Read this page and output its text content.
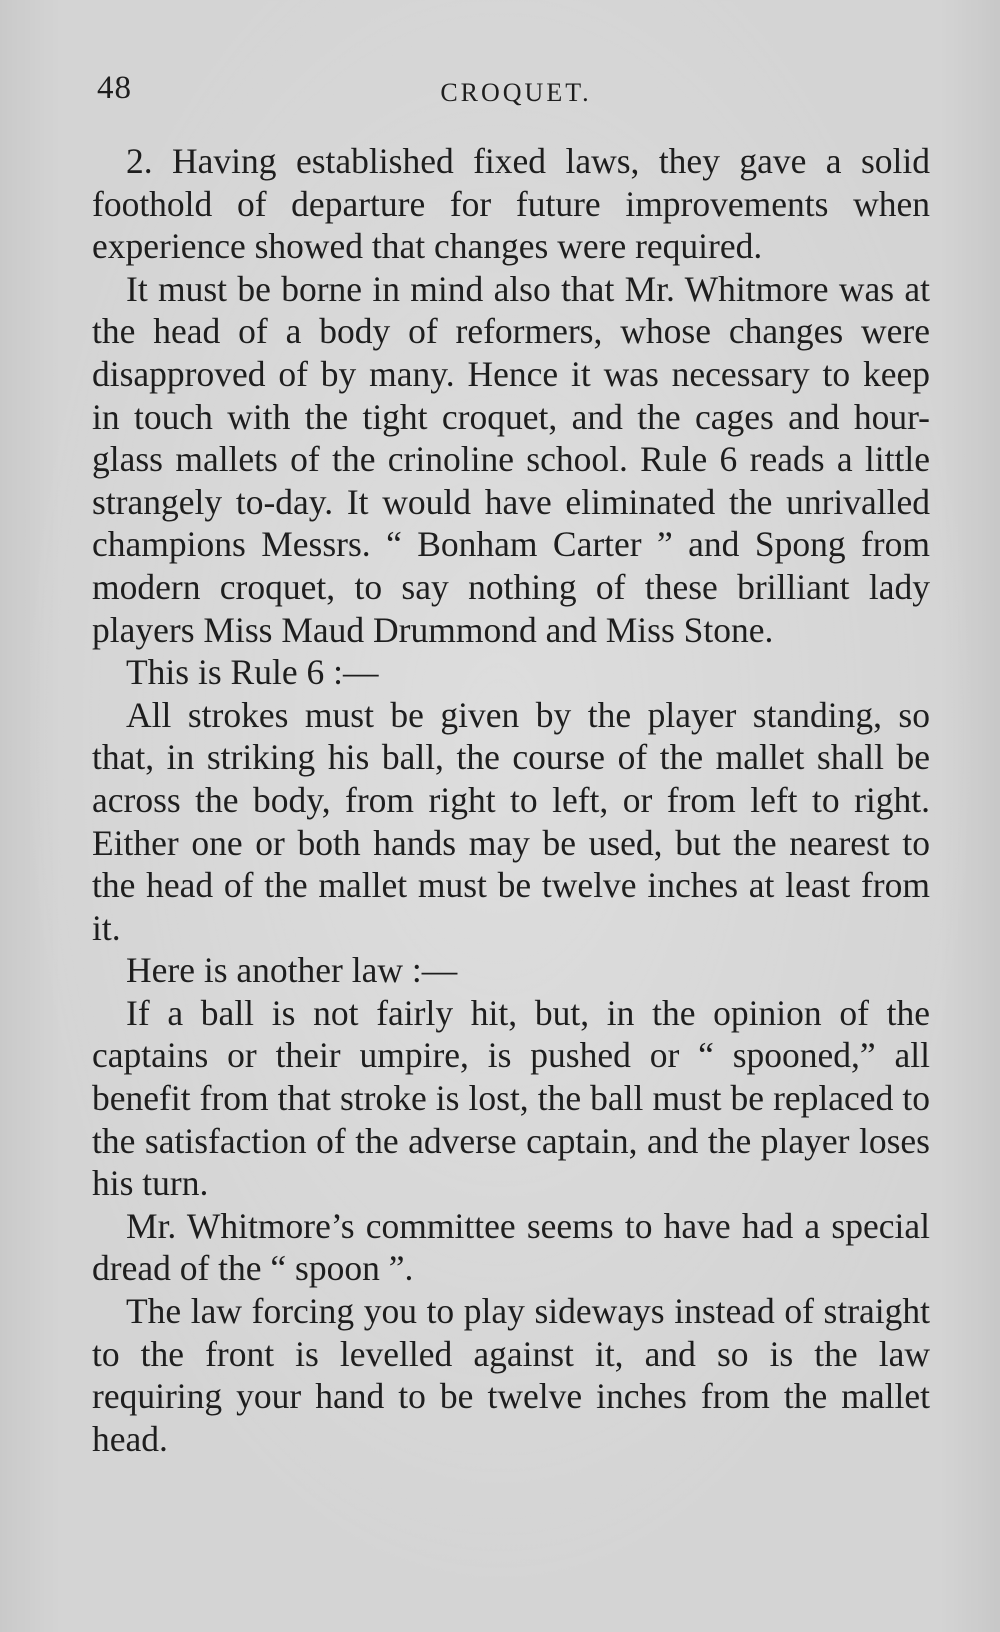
48	CROQUET.

2. Having established fixed laws, they gave a solid foothold of departure for future improvements when experience showed that changes were required.

It must be borne in mind also that Mr. Whitmore was at the head of a body of reformers, whose changes were disapproved of by many. Hence it was necessary to keep in touch with the tight croquet, and the cages and hour-glass mallets of the crinoline school. Rule 6 reads a little strangely to-day. It would have eliminated the unrivalled champions Messrs. “ Bonham Carter ” and Spong from modern croquet, to say nothing of these brilliant lady players Miss Maud Drummond and Miss Stone.

This is Rule 6 :—

All strokes must be given by the player standing, so that, in striking his ball, the course of the mallet shall be across the body, from right to left, or from left to right. Either one or both hands may be used, but the nearest to the head of the mallet must be twelve inches at least from it.

Here is another law :—

If a ball is not fairly hit, but, in the opinion of the captains or their umpire, is pushed or “ spooned,” all benefit from that stroke is lost, the ball must be replaced to the satisfaction of the adverse captain, and the player loses his turn.

Mr. Whitmore’s committee seems to have had a special dread of the “ spoon ”.

The law forcing you to play sideways instead of straight to the front is levelled against it, and so is the law requiring your hand to be twelve inches from the mallet head.
